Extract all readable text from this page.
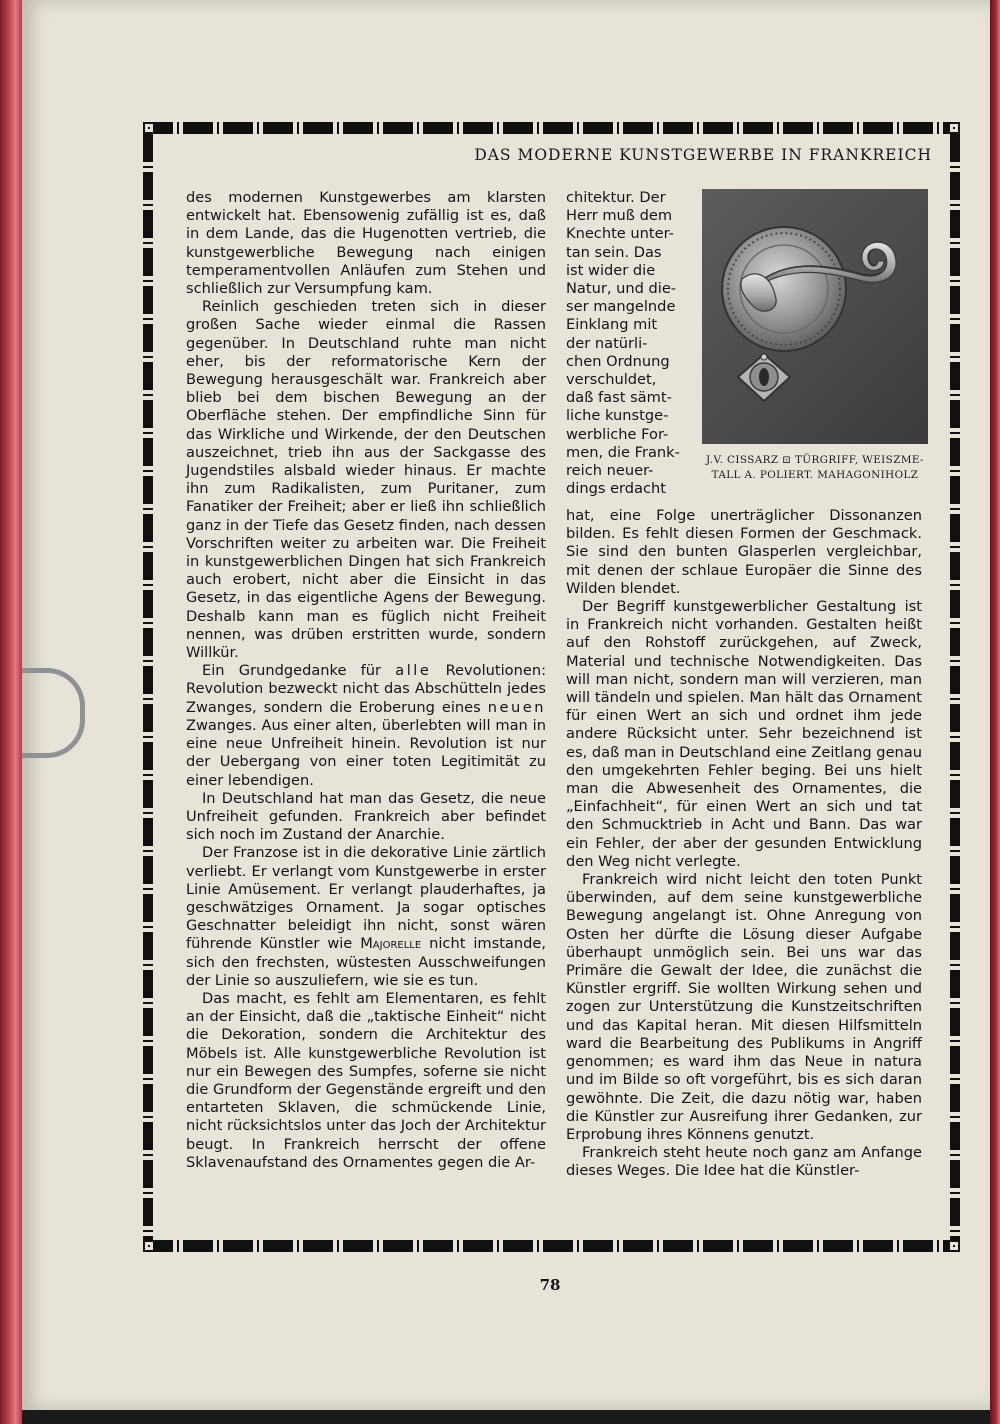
DAS MODERNE KUNSTGEWERBE IN FRANKREICH

des modernen Kunstgewerbes am klarsten entwickelt hat. Ebensowenig zufällig ist es, daß in dem Lande, das die Hugenotten vertrieb, die kunstgewerbliche Bewegung nach einigen temperamentvollen Anläufen zum Stehen und schließlich zur Versumpfung kam.

Reinlich geschieden treten sich in dieser großen Sache wieder einmal die Rassen gegenüber. In Deutschland ruhte man nicht eher, bis der reformatorische Kern der Bewegung herausgeschält war. Frankreich aber blieb bei dem bischen Bewegung an der Oberfläche stehen. Der empfindliche Sinn für das Wirkliche und Wirkende, der den Deutschen auszeichnet, trieb ihn aus der Sackgasse des Jugendstiles alsbald wieder hinaus. Er machte ihn zum Radikalisten, zum Puritaner, zum Fanatiker der Freiheit; aber er ließ ihn schließlich ganz in der Tiefe das Gesetz finden, nach dessen Vorschriften weiter zu arbeiten war. Die Freiheit in kunstgewerblichen Dingen hat sich Frankreich auch erobert, nicht aber die Einsicht in das Gesetz, in das eigentliche Agens der Bewegung. Deshalb kann man es füglich nicht Freiheit nennen, was drüben erstritten wurde, sondern Willkür.

Ein Grundgedanke für alle Revolutionen: Revolution bezweckt nicht das Abschütteln jedes Zwanges, sondern die Eroberung eines neuen Zwanges. Aus einer alten, überlebten will man in eine neue Unfreiheit hinein. Revolution ist nur der Uebergang von einer toten Legitimität zu einer lebendigen.

In Deutschland hat man das Gesetz, die neue Unfreiheit gefunden. Frankreich aber befindet sich noch im Zustand der Anarchie.

Der Franzose ist in die dekorative Linie zärtlich verliebt. Er verlangt vom Kunstgewerbe in erster Linie Amüsement. Er verlangt plauderhaftes, ja geschwätziges Ornament. Ja sogar optisches Geschnatter beleidigt ihn nicht, sonst wären führende Künstler wie Majorelle nicht imstande, sich den frechsten, wüstesten Ausschweifungen der Linie so auszuliefern, wie sie es tun.

Das macht, es fehlt am Elementaren, es fehlt an der Einsicht, daß die „taktische Einheit“ nicht die Dekoration, sondern die Architektur des Möbels ist. Alle kunstgewerbliche Revolution ist nur ein Bewegen des Sumpfes, soferne sie nicht die Grundform der Gegenstände ergreift und den entarteten Sklaven, die schmückende Linie, nicht rücksichtslos unter das Joch der Architektur beugt. In Frankreich herrscht der offene Sklavenaufstand des Ornamentes gegen die Ar-

chitektur. Der

Herr muß dem

Knechte unter-

tan sein. Das

ist wider die

Natur, und die-

ser mangelnde

Einklang mit

der natürli-

chen Ordnung

verschuldet,

daß fast sämt-

liche kunstge-

werbliche For-

men, die Frank-

reich neuer-

dings erdacht

J.V. CISSARZ ⊡ TÜRGRIFF, WEISZME-
TALL A. POLIERT. MAHAGONIHOLZ

hat, eine Folge unerträglicher Dissonanzen bilden. Es fehlt diesen Formen der Geschmack. Sie sind den bunten Glasperlen vergleichbar, mit denen der schlaue Europäer die Sinne des Wilden blendet.

Der Begriff kunstgewerblicher Gestaltung ist in Frankreich nicht vorhanden. Gestalten heißt auf den Rohstoff zurückgehen, auf Zweck, Material und technische Notwendigkeiten. Das will man nicht, sondern man will verzieren, man will tändeln und spielen. Man hält das Ornament für einen Wert an sich und ordnet ihm jede andere Rücksicht unter. Sehr bezeichnend ist es, daß man in Deutschland eine Zeitlang genau den umgekehrten Fehler beging. Bei uns hielt man die Abwesenheit des Ornamentes, die „Einfachheit“, für einen Wert an sich und tat den Schmucktrieb in Acht und Bann. Das war ein Fehler, der aber der gesunden Entwicklung den Weg nicht verlegte.

Frankreich wird nicht leicht den toten Punkt überwinden, auf dem seine kunstgewerbliche Bewegung angelangt ist. Ohne Anregung von Osten her dürfte die Lösung dieser Aufgabe überhaupt unmöglich sein. Bei uns war das Primäre die Gewalt der Idee, die zunächst die Künstler ergriff. Sie wollten Wirkung sehen und zogen zur Unterstützung die Kunstzeitschriften und das Kapital heran. Mit diesen Hilfsmitteln ward die Bearbeitung des Publikums in Angriff genommen; es ward ihm das Neue in natura und im Bilde so oft vorgeführt, bis es sich daran gewöhnte. Die Zeit, die dazu nötig war, haben die Künstler zur Ausreifung ihrer Gedanken, zur Erprobung ihres Könnens genutzt.

Frankreich steht heute noch ganz am Anfange dieses Weges. Die Idee hat die Künstler-

78
